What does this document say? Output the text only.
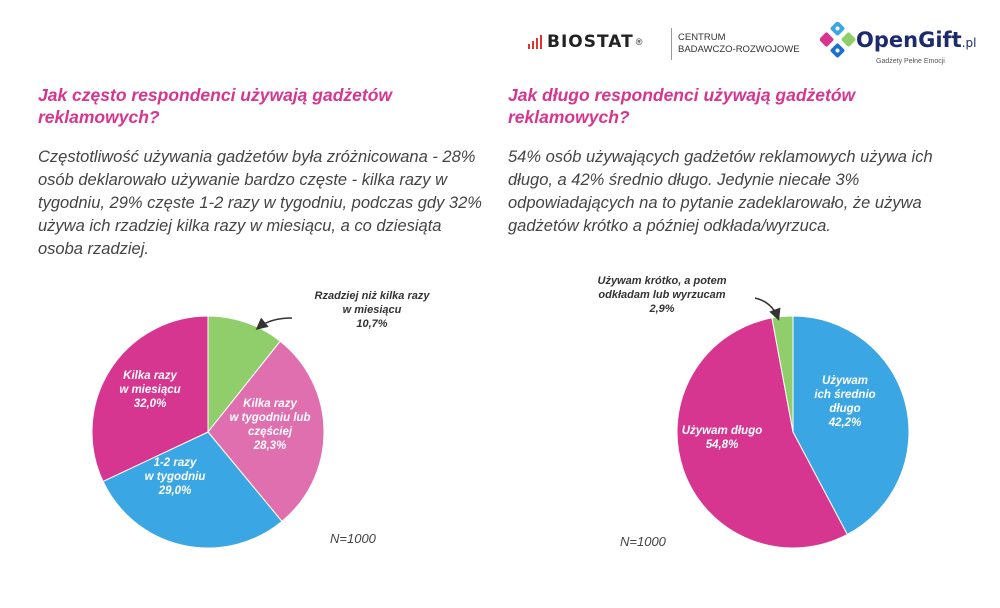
BIOSTAT ®	CENTRUM
BADAWCZO-ROZWOJOWE	OpenGift.pl
Gadżety Pełne Emocji
Jak często respondenci używają gadżetów reklamowych?

Częstotliwość używania gadżetów była zróżnicowana - 28% osób deklarowało używanie bardzo częste - kilka razy w tygodniu, 29% częste 1-2 razy w tygodniu, podczas gdy 32% używa ich rzadziej kilka razy w miesiącu, a co dziesiąta osoba rzadziej.

Jak długo respondenci używają gadżetów reklamowych?

54% osób używających gadżetów reklamowych używa ich długo, a 42% średnio długo. Jedynie niecałe 3% odpowiadających na to pytanie zadeklarowało, że używa gadżetów krótko a później odkłada/wyrzuca.

Rzadziej niż kilka razy w miesiącu 10,7%
Kilka razy w tygodniu lub częściej 28,3%
1-2 razy w tygodniu 29,0%
Kilka razy w miesiącu 32,0%
N=1000
Używam ich średnio długo 42,2%
Używam długo 54,8%
Używam krótko, a potem odkładam lub wyrzucam 2,9%
N=1000
